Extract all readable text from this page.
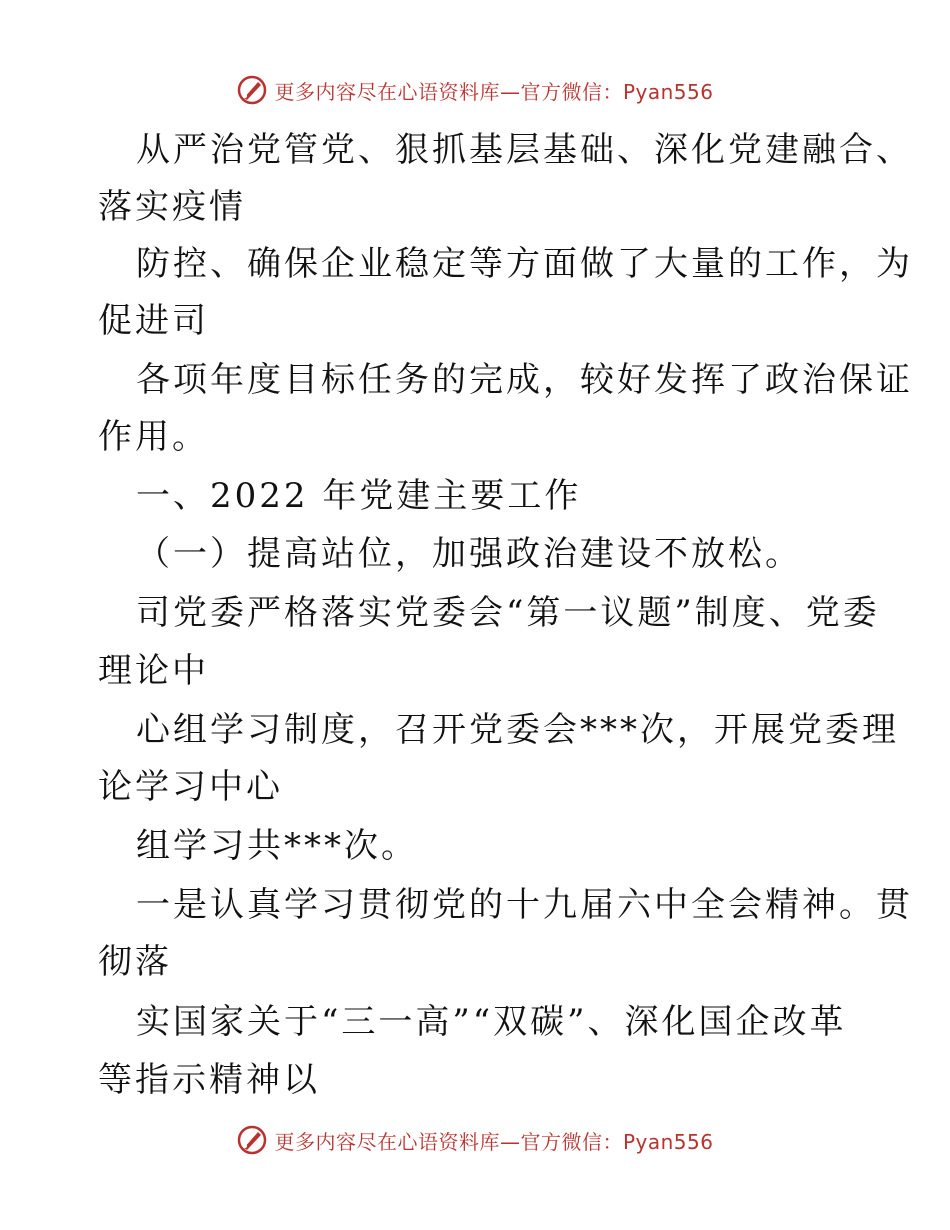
更多内容尽在心语资料库—官方微信：Pyan556
从严治党管党、狠抓基层基础、深化党建融合、
落实疫情
防控、确保企业稳定等方面做了大量的工作，为
促进司
各项年度目标任务的完成，较好发挥了政治保证
作用。
一、2022 年党建主要工作
（一）提高站位，加强政治建设不放松。
司党委严格落实党委会“第一议题”制度、党委
理论中
心组学习制度，召开党委会***次，开展党委理
论学习中心
组学习共***次。
一是认真学习贯彻党的十九届六中全会精神。贯
彻落
实国家关于“三一高”“双碳”、深化国企改革
等指示精神以
更多内容尽在心语资料库—官方微信：Pyan556
